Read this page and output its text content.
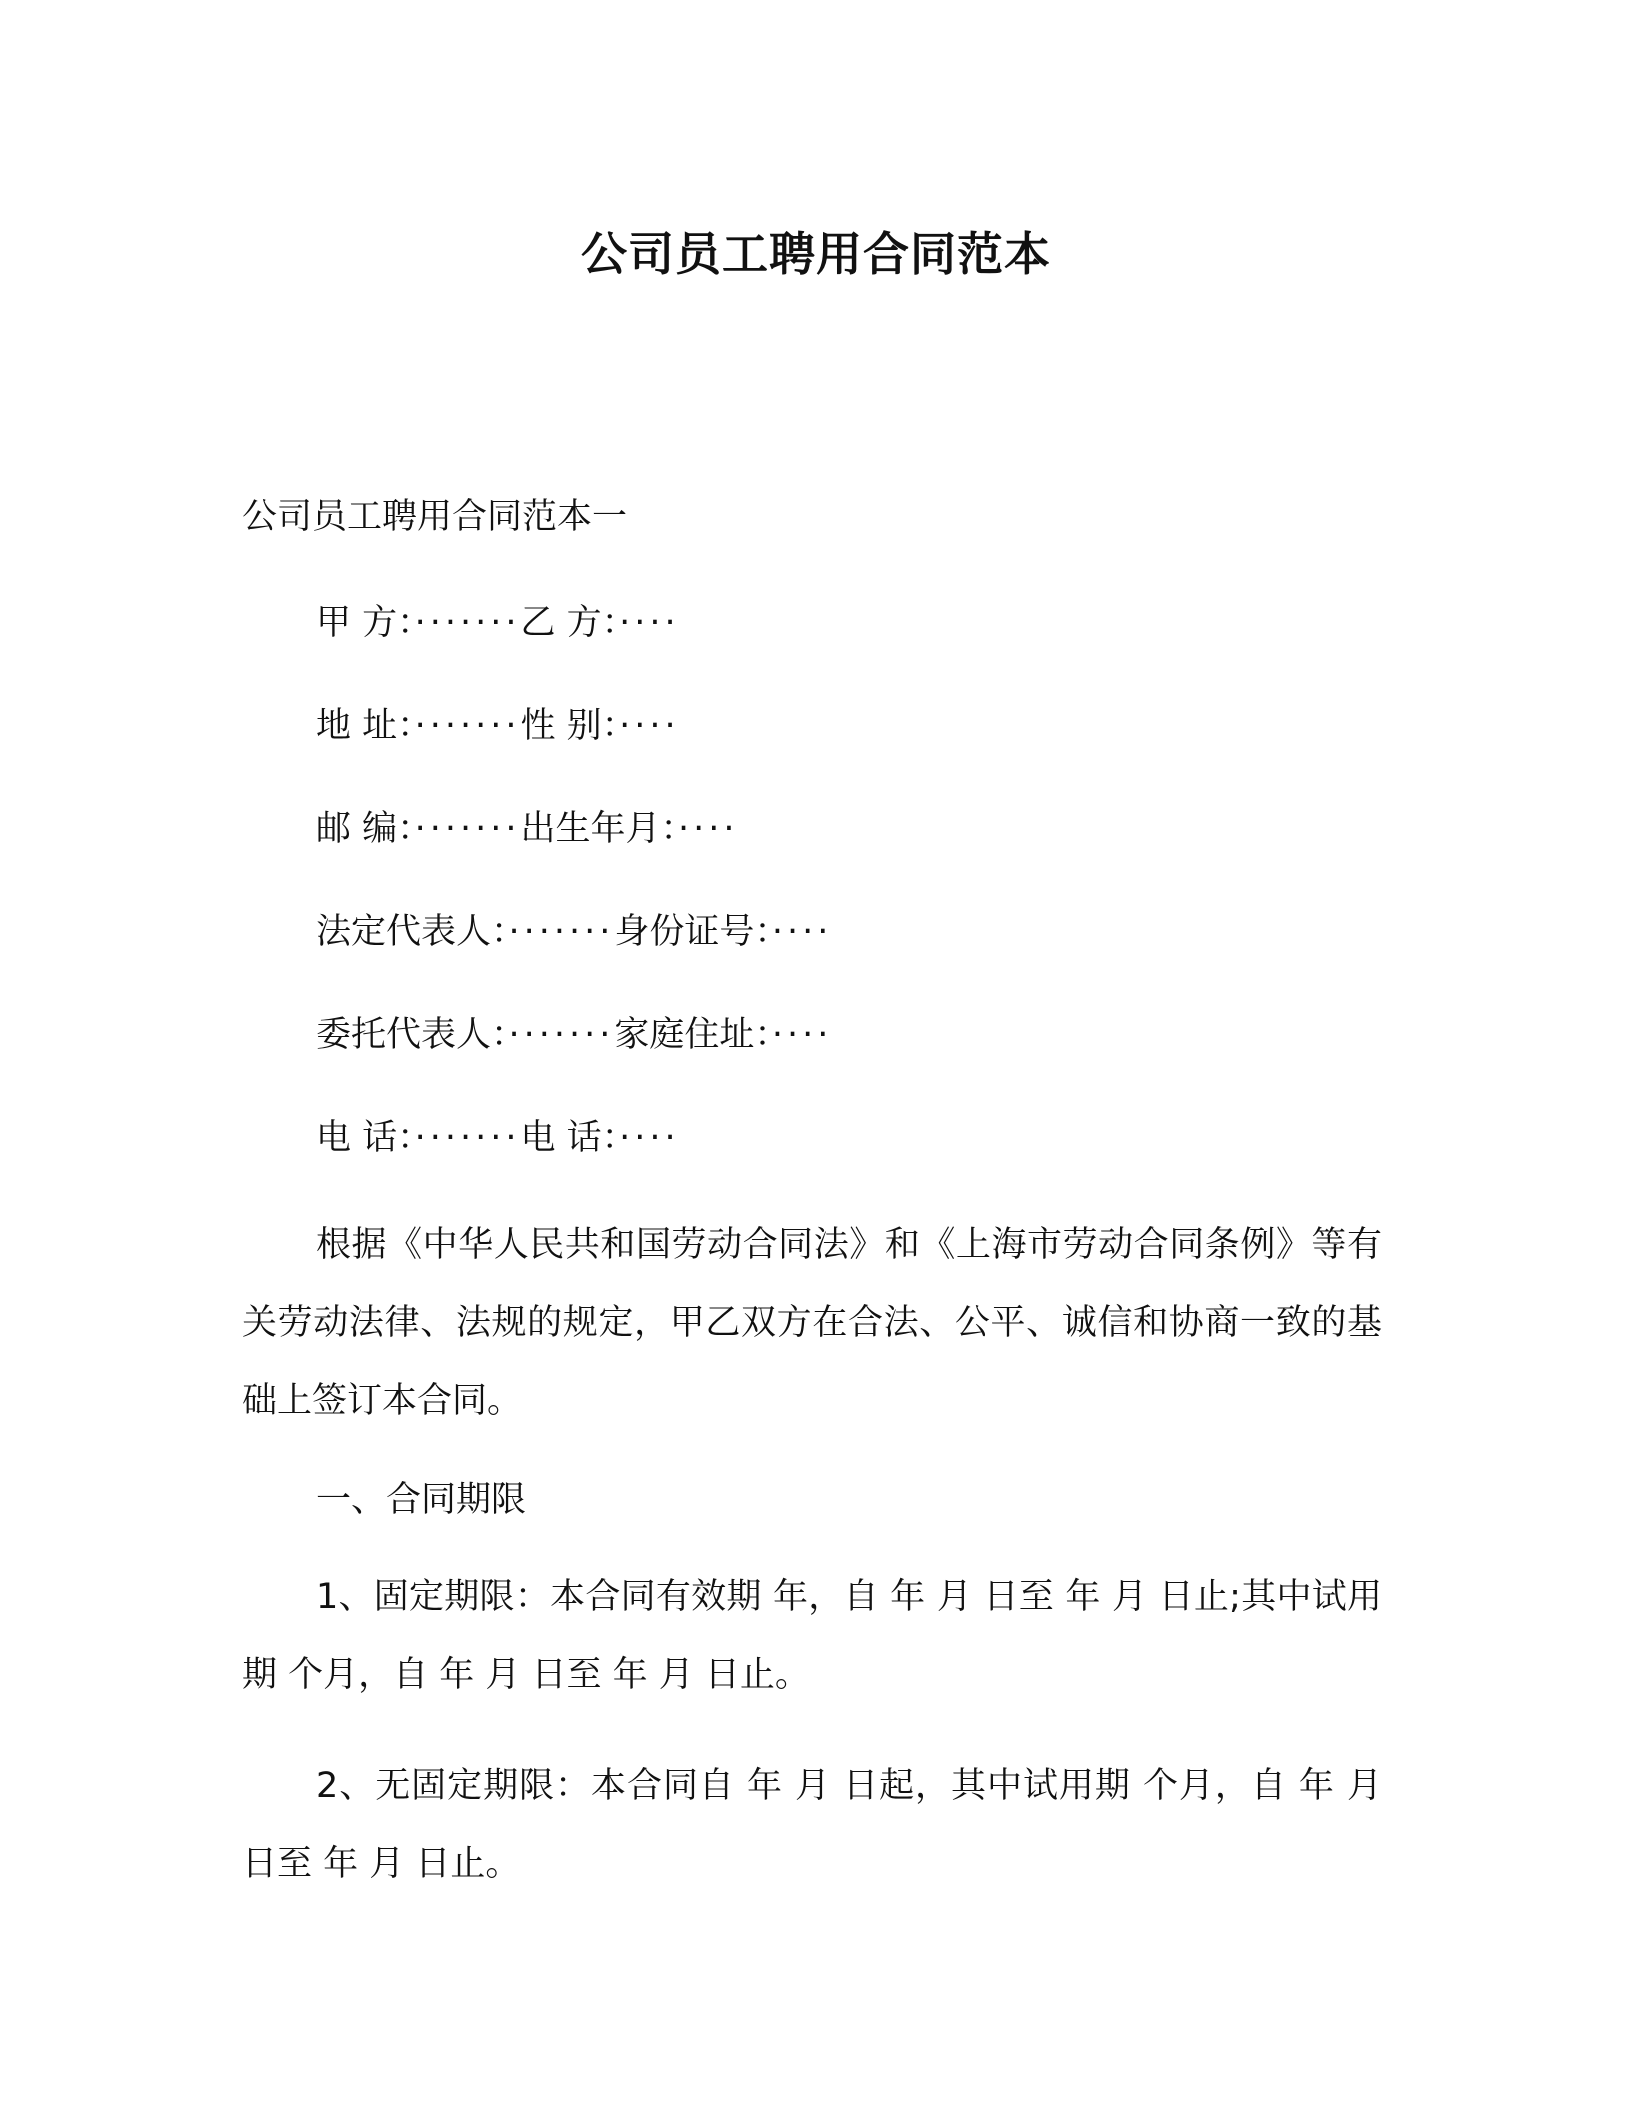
公司员工聘用合同范本
公司员工聘用合同范本一
甲 方：·······乙 方：····
地 址：·······性 别：····
邮 编：·······出生年月：····
法定代表人：·······身份证号：····
委托代表人：·······家庭住址：····
电 话：·······电 话：····
根据《中华人民共和国劳动合同法》和《上海市劳动合同条例》等有关劳动法律、法规的规定，甲乙双方在合法、公平、诚信和协商一致的基础上签订本合同。
一、合同期限
1、固定期限：本合同有效期 年，自 年 月 日至 年 月 日止;其中试用期 个月，自 年 月 日至 年 月 日止。
2、无固定期限：本合同自 年 月 日起，其中试用期 个月，自 年 月 日至 年 月 日止。
